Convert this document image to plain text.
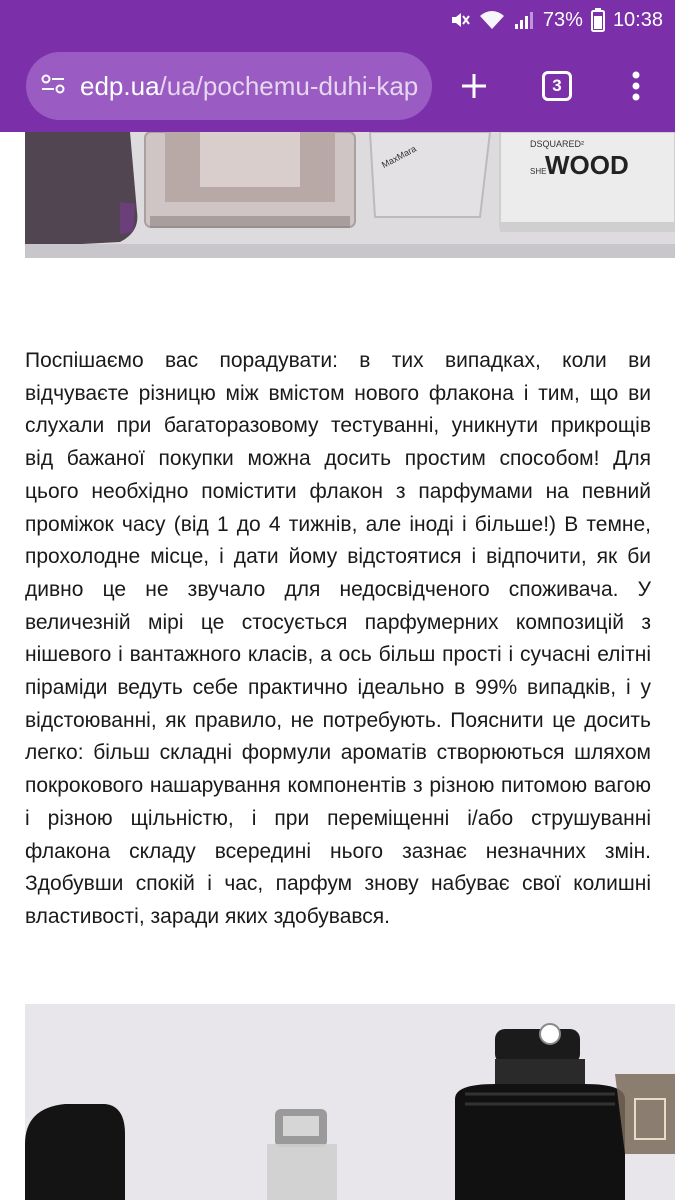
73% 10:38
edp.ua/ua/pochemu-duhi-kap	3
MaxMara	DSQUARED²
SHE
WOOD

Поспішаємо вас порадувати: в тих випадках, коли ви відчуваєте різницю між вмістом нового флакона і тим, що ви слухали при багаторазовому тестуванні, уникнути прикрощів від бажаної покупки можна досить простим способом! Для цього необхідно помістити флакон з парфумами на певний проміжок часу (від 1 до 4 тижнів, але іноді і більше!) В темне, прохолодне місце, і дати йому відстоятися і відпочити, як би дивно це не звучало для недосвідченого споживача. У величезній мірі це стосується парфумерних композицій з нішевого і вантажного класів, а ось більш прості і сучасні елітні піраміди ведуть себе практично ідеально в 99% випадків, і у відстоюванні, як правило, не потребують. Пояснити це досить легко: більш складні формули ароматів створюються шляхом покрокового нашарування компонентів з різною питомою вагою і різною щільністю, і при переміщенні і/або струшуванні флакона складу всередині нього зазнає незначних змін. Здобувши спокій і час, парфум знову набуває свої колишні властивості, заради яких здобувався.
